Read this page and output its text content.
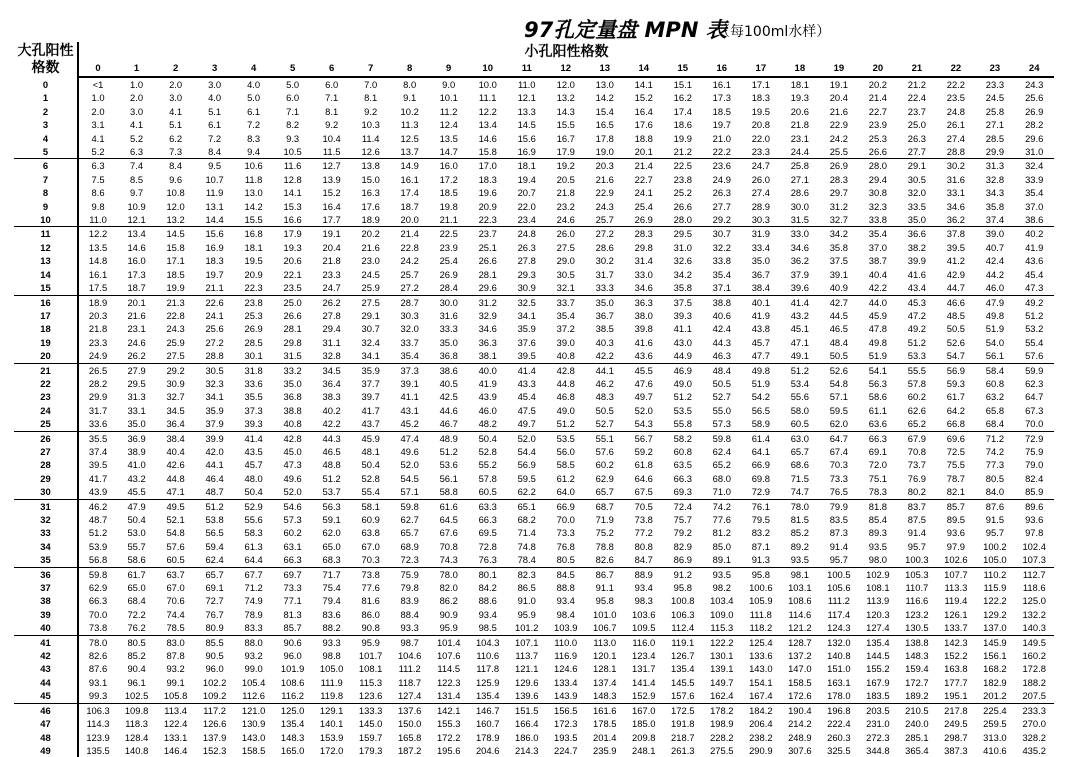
97孔定量盘 MPN 表
（每100ml水样）
大孔阳性格数	小孔阳性格数																								
	0	1	2	3	4	5	6	7	8	9	10	11	12	13	14	15	16	17	18	19	20	21	22	23	24
0	<1	1.0	2.0	3.0	4.0	5.0	6.0	7.0	8.0	9.0	10.0	11.0	12.0	13.0	14.1	15.1	16.1	17.1	18.1	19.1	20.2	21.2	22.2	23.3	24.3
1	1.0	2.0	3.0	4.0	5.0	6.0	7.1	8.1	9.1	10.1	11.1	12.1	13.2	14.2	15.2	16.2	17.3	18.3	19.3	20.4	21.4	22.4	23.5	24.5	25.6
2	2.0	3.0	4.1	5.1	6.1	7.1	8.1	9.2	10.2	11.2	12.2	13.3	14.3	15.4	16.4	17.4	18.5	19.5	20.6	21.6	22.7	23.7	24.8	25.8	26.9
3	3.1	4.1	5.1	6.1	7.2	8.2	9.2	10.3	11.3	12.4	13.4	14.5	15.5	16.5	17.6	18.6	19.7	20.8	21.8	22.9	23.9	25.0	26.1	27.1	28.2
4	4.1	5.2	6.2	7.2	8.3	9.3	10.4	11.4	12.5	13.5	14.6	15.6	16.7	17.8	18.8	19.9	21.0	22.0	23.1	24.2	25.3	26.3	27.4	28.5	29.6
5	5.2	6.3	7.3	8.4	9.4	10.5	11.5	12.6	13.7	14.7	15.8	16.9	17.9	19.0	20.1	21.2	22.2	23.3	24.4	25.5	26.6	27.7	28.8	29.9	31.0
6	6.3	7.4	8.4	9.5	10.6	11.6	12.7	13.8	14.9	16.0	17.0	18.1	19.2	20.3	21.4	22.5	23.6	24.7	25.8	26.9	28.0	29.1	30.2	31.3	32.4
7	7.5	8.5	9.6	10.7	11.8	12.8	13.9	15.0	16.1	17.2	18.3	19.4	20.5	21.6	22.7	23.8	24.9	26.0	27.1	28.3	29.4	30.5	31.6	32.8	33.9
8	8.6	9.7	10.8	11.9	13.0	14.1	15.2	16.3	17.4	18.5	19.6	20.7	21.8	22.9	24.1	25.2	26.3	27.4	28.6	29.7	30.8	32.0	33.1	34.3	35.4
9	9.8	10.9	12.0	13.1	14.2	15.3	16.4	17.6	18.7	19.8	20.9	22.0	23.2	24.3	25.4	26.6	27.7	28.9	30.0	31.2	32.3	33.5	34.6	35.8	37.0
10	11.0	12.1	13.2	14.4	15.5	16.6	17.7	18.9	20.0	21.1	22.3	23.4	24.6	25.7	26.9	28.0	29.2	30.3	31.5	32.7	33.8	35.0	36.2	37.4	38.6
11	12.2	13.4	14.5	15.6	16.8	17.9	19.1	20.2	21.4	22.5	23.7	24.8	26.0	27.2	28.3	29.5	30.7	31.9	33.0	34.2	35.4	36.6	37.8	39.0	40.2
12	13.5	14.6	15.8	16.9	18.1	19.3	20.4	21.6	22.8	23.9	25.1	26.3	27.5	28.6	29.8	31.0	32.2	33.4	34.6	35.8	37.0	38.2	39.5	40.7	41.9
13	14.8	16.0	17.1	18.3	19.5	20.6	21.8	23.0	24.2	25.4	26.6	27.8	29.0	30.2	31.4	32.6	33.8	35.0	36.2	37.5	38.7	39.9	41.2	42.4	43.6
14	16.1	17.3	18.5	19.7	20.9	22.1	23.3	24.5	25.7	26.9	28.1	29.3	30.5	31.7	33.0	34.2	35.4	36.7	37.9	39.1	40.4	41.6	42.9	44.2	45.4
15	17.5	18.7	19.9	21.1	22.3	23.5	24.7	25.9	27.2	28.4	29.6	30.9	32.1	33.3	34.6	35.8	37.1	38.4	39.6	40.9	42.2	43.4	44.7	46.0	47.3
16	18.9	20.1	21.3	22.6	23.8	25.0	26.2	27.5	28.7	30.0	31.2	32.5	33.7	35.0	36.3	37.5	38.8	40.1	41.4	42.7	44.0	45.3	46.6	47.9	49.2
17	20.3	21.6	22.8	24.1	25.3	26.6	27.8	29.1	30.3	31.6	32.9	34.1	35.4	36.7	38.0	39.3	40.6	41.9	43.2	44.5	45.9	47.2	48.5	49.8	51.2
18	21.8	23.1	24.3	25.6	26.9	28.1	29.4	30.7	32.0	33.3	34.6	35.9	37.2	38.5	39.8	41.1	42.4	43.8	45.1	46.5	47.8	49.2	50.5	51.9	53.2
19	23.3	24.6	25.9	27.2	28.5	29.8	31.1	32.4	33.7	35.0	36.3	37.6	39.0	40.3	41.6	43.0	44.3	45.7	47.1	48.4	49.8	51.2	52.6	54.0	55.4
20	24.9	26.2	27.5	28.8	30.1	31.5	32.8	34.1	35.4	36.8	38.1	39.5	40.8	42.2	43.6	44.9	46.3	47.7	49.1	50.5	51.9	53.3	54.7	56.1	57.6
21	26.5	27.9	29.2	30.5	31.8	33.2	34.5	35.9	37.3	38.6	40.0	41.4	42.8	44.1	45.5	46.9	48.4	49.8	51.2	52.6	54.1	55.5	56.9	58.4	59.9
22	28.2	29.5	30.9	32.3	33.6	35.0	36.4	37.7	39.1	40.5	41.9	43.3	44.8	46.2	47.6	49.0	50.5	51.9	53.4	54.8	56.3	57.8	59.3	60.8	62.3
23	29.9	31.3	32.7	34.1	35.5	36.8	38.3	39.7	41.1	42.5	43.9	45.4	46.8	48.3	49.7	51.2	52.7	54.2	55.6	57.1	58.6	60.2	61.7	63.2	64.7
24	31.7	33.1	34.5	35.9	37.3	38.8	40.2	41.7	43.1	44.6	46.0	47.5	49.0	50.5	52.0	53.5	55.0	56.5	58.0	59.5	61.1	62.6	64.2	65.8	67.3
25	33.6	35.0	36.4	37.9	39.3	40.8	42.2	43.7	45.2	46.7	48.2	49.7	51.2	52.7	54.3	55.8	57.3	58.9	60.5	62.0	63.6	65.2	66.8	68.4	70.0
26	35.5	36.9	38.4	39.9	41.4	42.8	44.3	45.9	47.4	48.9	50.4	52.0	53.5	55.1	56.7	58.2	59.8	61.4	63.0	64.7	66.3	67.9	69.6	71.2	72.9
27	37.4	38.9	40.4	42.0	43.5	45.0	46.5	48.1	49.6	51.2	52.8	54.4	56.0	57.6	59.2	60.8	62.4	64.1	65.7	67.4	69.1	70.8	72.5	74.2	75.9
28	39.5	41.0	42.6	44.1	45.7	47.3	48.8	50.4	52.0	53.6	55.2	56.9	58.5	60.2	61.8	63.5	65.2	66.9	68.6	70.3	72.0	73.7	75.5	77.3	79.0
29	41.7	43.2	44.8	46.4	48.0	49.6	51.2	52.8	54.5	56.1	57.8	59.5	61.2	62.9	64.6	66.3	68.0	69.8	71.5	73.3	75.1	76.9	78.7	80.5	82.4
30	43.9	45.5	47.1	48.7	50.4	52.0	53.7	55.4	57.1	58.8	60.5	62.2	64.0	65.7	67.5	69.3	71.0	72.9	74.7	76.5	78.3	80.2	82.1	84.0	85.9
31	46.2	47.9	49.5	51.2	52.9	54.6	56.3	58.1	59.8	61.6	63.3	65.1	66.9	68.7	70.5	72.4	74.2	76.1	78.0	79.9	81.8	83.7	85.7	87.6	89.6
32	48.7	50.4	52.1	53.8	55.6	57.3	59.1	60.9	62.7	64.5	66.3	68.2	70.0	71.9	73.8	75.7	77.6	79.5	81.5	83.5	85.4	87.5	89.5	91.5	93.6
33	51.2	53.0	54.8	56.5	58.3	60.2	62.0	63.8	65.7	67.6	69.5	71.4	73.3	75.2	77.2	79.2	81.2	83.2	85.2	87.3	89.3	91.4	93.6	95.7	97.8
34	53.9	55.7	57.6	59.4	61.3	63.1	65.0	67.0	68.9	70.8	72.8	74.8	76.8	78.8	80.8	82.9	85.0	87.1	89.2	91.4	93.5	95.7	97.9	100.2	102.4
35	56.8	58.6	60.5	62.4	64.4	66.3	68.3	70.3	72.3	74.3	76.3	78.4	80.5	82.6	84.7	86.9	89.1	91.3	93.5	95.7	98.0	100.3	102.6	105.0	107.3
36	59.8	61.7	63.7	65.7	67.7	69.7	71.7	73.8	75.9	78.0	80.1	82.3	84.5	86.7	88.9	91.2	93.5	95.8	98.1	100.5	102.9	105.3	107.7	110.2	112.7
37	62.9	65.0	67.0	69.1	71.2	73.3	75.4	77.6	79.8	82.0	84.2	86.5	88.8	91.1	93.4	95.8	98.2	100.6	103.1	105.6	108.1	110.7	113.3	115.9	118.6
38	66.3	68.4	70.6	72.7	74.9	77.1	79.4	81.6	83.9	86.2	88.6	91.0	93.4	95.8	98.3	100.8	103.4	105.9	108.6	111.2	113.9	116.6	119.4	122.2	125.0
39	70.0	72.2	74.4	76.7	78.9	81.3	83.6	86.0	88.4	90.9	93.4	95.9	98.4	101.0	103.6	106.3	109.0	111.8	114.6	117.4	120.3	123.2	126.1	129.2	132.2
40	73.8	76.2	78.5	80.9	83.3	85.7	88.2	90.8	93.3	95.9	98.5	101.2	103.9	106.7	109.5	112.4	115.3	118.2	121.2	124.3	127.4	130.5	133.7	137.0	140.3
41	78.0	80.5	83.0	85.5	88.0	90.6	93.3	95.9	98.7	101.4	104.3	107.1	110.0	113.0	116.0	119.1	122.2	125.4	128.7	132.0	135.4	138.8	142.3	145.9	149.5
42	82.6	85.2	87.8	90.5	93.2	96.0	98.8	101.7	104.6	107.6	110.6	113.7	116.9	120.1	123.4	126.7	130.1	133.6	137.2	140.8	144.5	148.3	152.2	156.1	160.2
43	87.6	90.4	93.2	96.0	99.0	101.9	105.0	108.1	111.2	114.5	117.8	121.1	124.6	128.1	131.7	135.4	139.1	143.0	147.0	151.0	155.2	159.4	163.8	168.2	172.8
44	93.1	96.1	99.1	102.2	105.4	108.6	111.9	115.3	118.7	122.3	125.9	129.6	133.4	137.4	141.4	145.5	149.7	154.1	158.5	163.1	167.9	172.7	177.7	182.9	188.2
45	99.3	102.5	105.8	109.2	112.6	116.2	119.8	123.6	127.4	131.4	135.4	139.6	143.9	148.3	152.9	157.6	162.4	167.4	172.6	178.0	183.5	189.2	195.1	201.2	207.5
46	106.3	109.8	113.4	117.2	121.0	125.0	129.1	133.3	137.6	142.1	146.7	151.5	156.5	161.6	167.0	172.5	178.2	184.2	190.4	196.8	203.5	210.5	217.8	225.4	233.3
47	114.3	118.3	122.4	126.6	130.9	135.4	140.1	145.0	150.0	155.3	160.7	166.4	172.3	178.5	185.0	191.8	198.9	206.4	214.2	222.4	231.0	240.0	249.5	259.5	270.0
48	123.9	128.4	133.1	137.9	143.0	148.3	153.9	159.7	165.8	172.2	178.9	186.0	193.5	201.4	209.8	218.7	228.2	238.2	248.9	260.3	272.3	285.1	298.7	313.0	328.2
49	135.5	140.8	146.4	152.3	158.5	165.0	172.0	179.3	187.2	195.6	204.6	214.3	224.7	235.9	248.1	261.3	275.5	290.9	307.6	325.5	344.8	365.4	387.3	410.6	435.2
